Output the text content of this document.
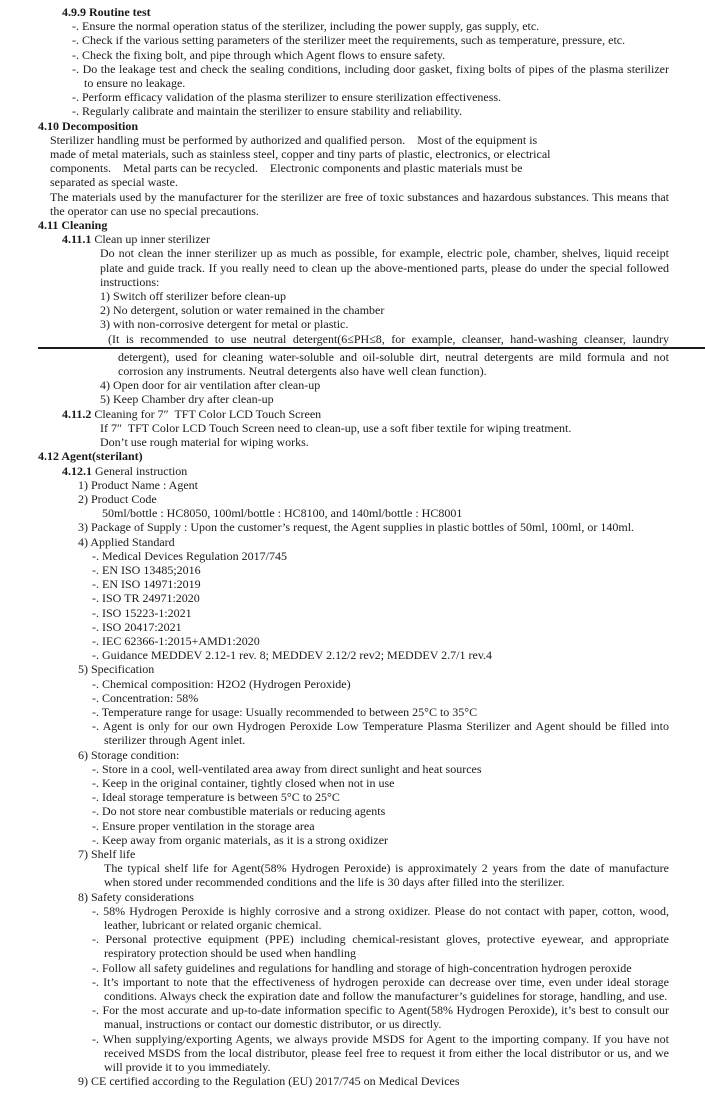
4.9.9 Routine test
-. Ensure the normal operation status of the sterilizer, including the power supply, gas supply, etc.
-. Check if the various setting parameters of the sterilizer meet the requirements, such as temperature, pressure, etc.
-. Check the fixing bolt, and pipe through which Agent flows to ensure safety.
-. Do the leakage test and check the sealing conditions, including door gasket, fixing bolts of pipes of the plasma sterilizer to ensure no leakage.
-. Perform efficacy validation of the plasma sterilizer to ensure sterilization effectiveness.
-. Regularly calibrate and maintain the sterilizer to ensure stability and reliability.
4.10 Decomposition
Sterilizer handling must be performed by authorized and qualified person.    Most of the equipment is
made of metal materials, such as stainless steel, copper and tiny parts of plastic, electronics, or electrical
components.    Metal parts can be recycled.    Electronic components and plastic materials must be
separated as special waste.
The materials used by the manufacturer for the sterilizer are free of toxic substances and hazardous substances. This means that the operator can use no special precautions.
4.11 Cleaning
4.11.1 Clean up inner sterilizer
Do not clean the inner sterilizer up as much as possible, for example, electric pole, chamber, shelves, liquid receipt plate and guide track. If you really need to clean up the above-mentioned parts, please do under the special followed instructions:
1) Switch off sterilizer before clean-up
2) No detergent, solution or water remained in the chamber
3) with non-corrosive detergent for metal or plastic.
(It is recommended to use neutral detergent(6≤PH≤8, for example, cleanser, hand-washing cleanser, laundry
detergent), used for cleaning water-soluble and oil-soluble dirt, neutral detergents are mild formula and not corrosion any instruments. Neutral detergents also have well clean function).
4) Open door for air ventilation after clean-up
5) Keep Chamber dry after clean-up
4.11.2 Cleaning for 7″  TFT Color LCD Touch Screen
If 7″  TFT Color LCD Touch Screen need to clean-up, use a soft fiber textile for wiping treatment.
Don’t use rough material for wiping works.
4.12 Agent(sterilant)
4.12.1 General instruction
1) Product Name : Agent
2) Product Code
50ml/bottle : HC8050, 100ml/bottle : HC8100, and 140ml/bottle : HC8001
3) Package of Supply : Upon the customer’s request, the Agent supplies in plastic bottles of 50ml, 100ml, or 140ml.
4) Applied Standard
-. Medical Devices Regulation 2017/745
-. EN ISO 13485;2016
-. EN ISO 14971:2019
-. ISO TR 24971:2020
-. ISO 15223-1:2021
-. ISO 20417:2021
-. IEC 62366-1:2015+AMD1:2020
-. Guidance MEDDEV 2.12-1 rev. 8; MEDDEV 2.12/2 rev2; MEDDEV 2.7/1 rev.4
5) Specification
-. Chemical composition: H2O2 (Hydrogen Peroxide)
-. Concentration: 58%
-. Temperature range for usage: Usually recommended to between 25°C to 35°C
-. Agent is only for our own Hydrogen Peroxide Low Temperature Plasma Sterilizer and Agent should be filled into sterilizer through Agent inlet.
6) Storage condition:
-. Store in a cool, well-ventilated area away from direct sunlight and heat sources
-. Keep in the original container, tightly closed when not in use
-. Ideal storage temperature is between 5°C to 25°C
-. Do not store near combustible materials or reducing agents
-. Ensure proper ventilation in the storage area
-. Keep away from organic materials, as it is a strong oxidizer
7) Shelf life
The typical shelf life for Agent(58% Hydrogen Peroxide) is approximately 2 years from the date of manufacture when stored under recommended conditions and the life is 30 days after filled into the sterilizer.
8) Safety considerations
-. 58% Hydrogen Peroxide is highly corrosive and a strong oxidizer. Please do not contact with paper, cotton, wood, leather, lubricant or related organic chemical.
-. Personal protective equipment (PPE) including chemical-resistant gloves, protective eyewear, and appropriate respiratory protection should be used when handling
-. Follow all safety guidelines and regulations for handling and storage of high-concentration hydrogen peroxide
-. It’s important to note that the effectiveness of hydrogen peroxide can decrease over time, even under ideal storage conditions. Always check the expiration date and follow the manufacturer’s guidelines for storage, handling, and use.
-. For the most accurate and up-to-date information specific to Agent(58% Hydrogen Peroxide), it’s best to consult our manual, instructions or contact our domestic distributor, or us directly.
-. When supplying/exporting Agents, we always provide MSDS for Agent to the importing company. If you have not received MSDS from the local distributor, please feel free to request it from either the local distributor or us, and we will provide it to you immediately.
9) CE certified according to the Regulation (EU) 2017/745 on Medical Devices
